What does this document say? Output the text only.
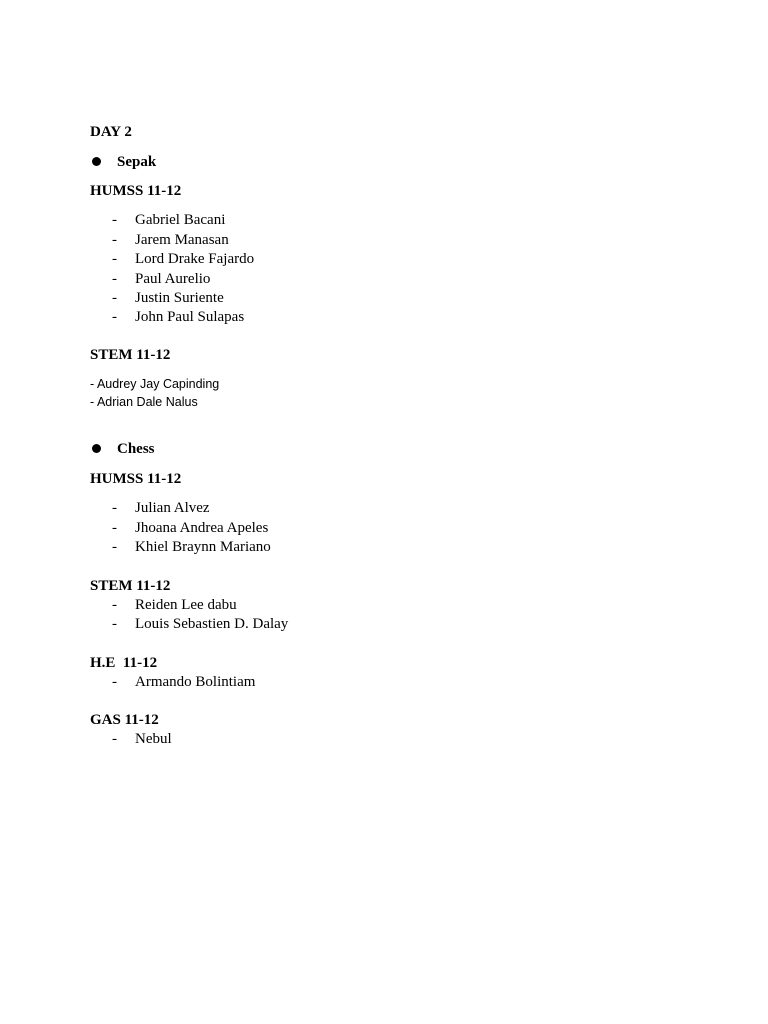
DAY 2
Sepak
HUMSS 11-12
- Gabriel Bacani
- Jarem Manasan
- Lord Drake Fajardo
- Paul Aurelio
- Justin Suriente
- John Paul Sulapas
STEM 11-12
- Audrey Jay Capinding
- Adrian Dale Nalus
Chess
HUMSS 11-12
- Julian Alvez
- Jhoana Andrea Apeles
- Khiel Braynn Mariano
STEM 11-12
- Reiden Lee dabu
- Louis Sebastien D. Dalay
H.E  11-12
- Armando Bolintiam
GAS 11-12
- Nebul
